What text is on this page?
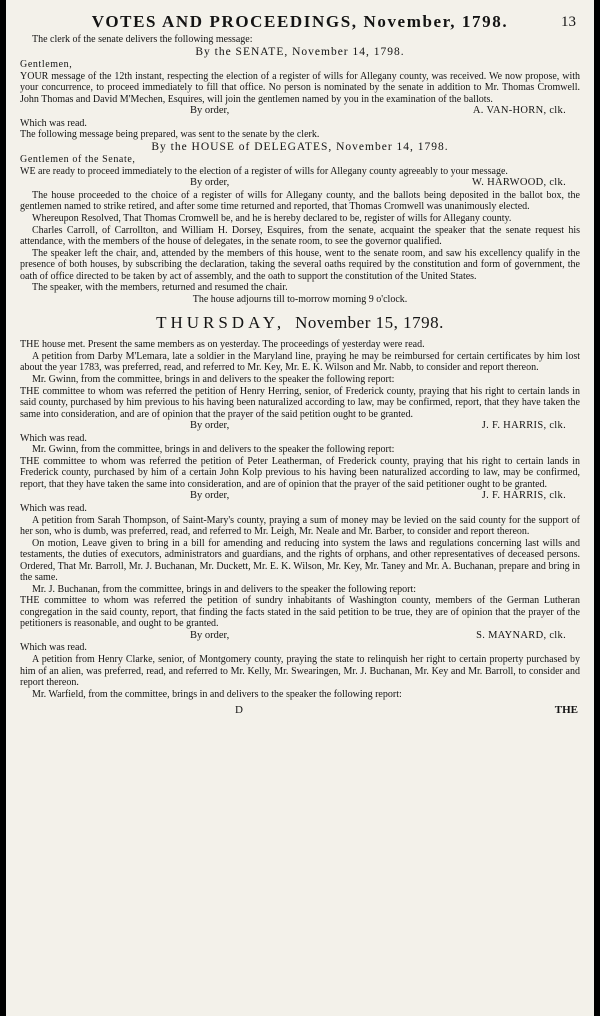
VOTES AND PROCEEDINGS, November, 1798.	13

The clerk of the senate delivers the following message:

By the SENATE, November 14, 1798.

Gentlemen,

YOUR message of the 12th instant, respecting the election of a register of wills for Allegany county, was received. We now propose, with your concurrence, to proceed immediately to fill that office. No person is nominated by the senate in addition to Mr. Thomas Cromwell. John Thomas and David M'Mechen, Esquires, will join the gentlemen named by you in the examination of the ballots.

By order,	A. VAN-HORN, clk.

Which was read.

The following message being prepared, was sent to the senate by the clerk.

By the HOUSE of DELEGATES, November 14, 1798.

Gentlemen of the Senate,

WE are ready to proceed immediately to the election of a register of wills for Allegany county agreeably to your message.

By order,	W. HARWOOD, clk.

The house proceeded to the choice of a register of wills for Allegany county, and the ballots being deposited in the ballot box, the gentlemen named to strike retired, and after some time returned and reported, that Thomas Cromwell was unanimously elected.

Whereupon Resolved, That Thomas Cromwell be, and he is hereby declared to be, register of wills for Allegany county.

Charles Carroll, of Carrollton, and William H. Dorsey, Esquires, from the senate, acquaint the speaker that the senate request his attendance, with the members of the house of delegates, in the senate room, to see the governor qualified.

The speaker left the chair, and, attended by the members of this house, went to the senate room, and saw his excellency qualify in the presence of both houses, by subscribing the declaration, taking the several oaths required by the constitution and form of government, the oath of office directed to be taken by act of assembly, and the oath to support the constitution of the United States.

The speaker, with the members, returned and resumed the chair.

The house adjourns till to-morrow morning 9 o'clock.

THURSDAY, November 15, 1798.

THE house met. Present the same members as on yesterday. The proceedings of yesterday were read.

A petition from Darby M'Lemara, late a soldier in the Maryland line, praying he may be reimbursed for certain certificates by him lost about the year 1783, was preferred, read, and referred to Mr. Key, Mr. E. K. Wilson and Mr. Nabb, to consider and report thereon.

Mr. Gwinn, from the committee, brings in and delivers to the speaker the following report:

THE committee to whom was referred the petition of Henry Herring, senior, of Frederick county, praying that his right to certain lands in said county, purchased by him previous to his having been naturalized according to law, may be confirmed, report, that they have taken the same into consideration, and are of opinion that the prayer of the said petition ought to be granted.

By order,	J. F. HARRIS, clk.

Which was read.

Mr. Gwinn, from the committee, brings in and delivers to the speaker the following report:

THE committee to whom was referred the petition of Peter Leatherman, of Frederick county, praying that his right to certain lands in Frederick county, purchased by him of a certain John Kolp previous to his having been naturalized according to law, may be confirmed, report, that they have taken the same into consideration, and are of opinion that the prayer of the said petitioner ought to be granted.

By order,	J. F. HARRIS, clk.

Which was read.

A petition from Sarah Thompson, of Saint-Mary's county, praying a sum of money may be levied on the said county for the support of her son, who is dumb, was preferred, read, and referred to Mr. Leigh, Mr. Neale and Mr. Barber, to consider and report thereon.

On motion, Leave given to bring in a bill for amending and reducing into system the laws and regulations concerning last wills and testaments, the duties of executors, administrators and guardians, and the rights of orphans, and other representatives of deceased persons. Ordered, That Mr. Barroll, Mr. J. Buchanan, Mr. Duckett, Mr. E. K. Wilson, Mr. Key, Mr. Taney and Mr. A. Buchanan, prepare and bring in the same.

Mr. J. Buchanan, from the committee, brings in and delivers to the speaker the following report:

THE committee to whom was referred the petition of sundry inhabitants of Washington county, members of the German Lutheran congregation in the said county, report, that finding the facts stated in the said petition to be true, they are of opinion that the prayer of the petitioners is reasonable, and ought to be granted.

By order,	S. MAYNARD, clk.

Which was read.

A petition from Henry Clarke, senior, of Montgomery county, praying the state to relinquish her right to certain property purchased by him of an alien, was preferred, read, and referred to Mr. Kelly, Mr. Swearingen, Mr. J. Buchanan, Mr. Key and Mr. Barroll, to consider and report thereon.

Mr. Warfield, from the committee, brings in and delivers to the speaker the following report:

D	THE
